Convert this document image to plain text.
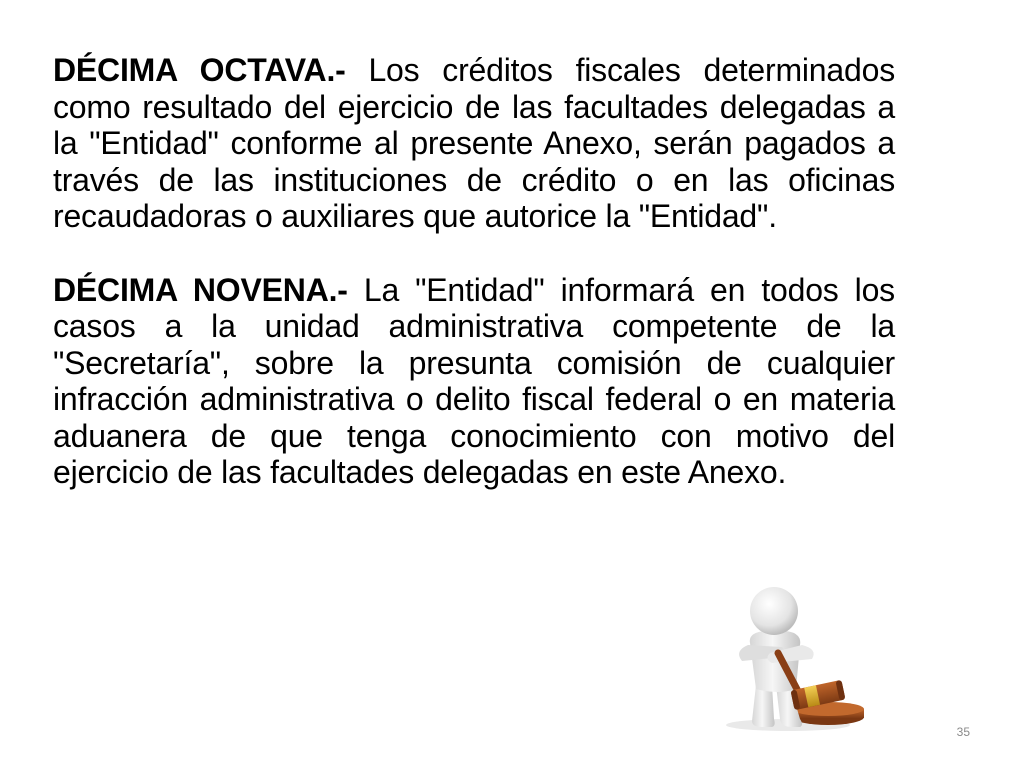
DÉCIMA OCTAVA.- Los créditos fiscales determinados como resultado del ejercicio de las facultades delegadas a la "Entidad" conforme al presente Anexo, serán pagados a través de las instituciones de crédito o en las oficinas recaudadoras o auxiliares que autorice la "Entidad".

DÉCIMA NOVENA.- La "Entidad" informará en todos los casos a la unidad administrativa competente de la "Secretaría", sobre la presunta comisión de cualquier infracción administrativa o delito fiscal federal o en materia aduanera de que tenga conocimiento con motivo del ejercicio de las facultades delegadas en este Anexo.

35
